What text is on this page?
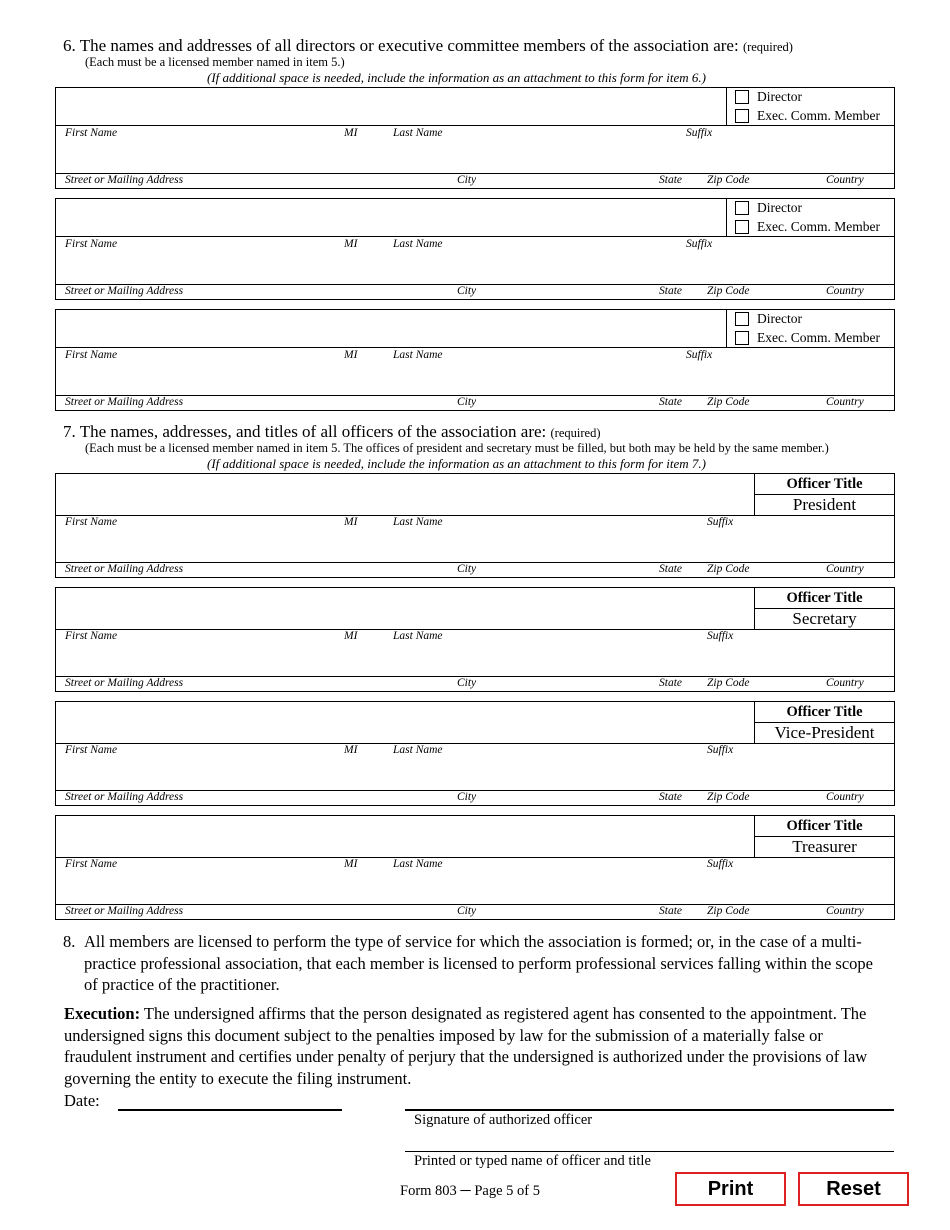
6. The names and addresses of all directors or executive committee members of the association are: (required)
(Each must be a licensed member named in item 5.)
(If additional space is needed, include the information as an attachment to this form for item 6.)
Director
Exec. Comm. Member
First Name	MI	Last Name	Suffix
Street or Mailing Address	City	State Zip Code	Country
Director
Exec. Comm. Member
First Name	MI	Last Name	Suffix
Street or Mailing Address	City	State Zip Code	Country
Director
Exec. Comm. Member
First Name	MI	Last Name	Suffix
Street or Mailing Address	City	State Zip Code	Country
7. The names, addresses, and titles of all officers of the association are: (required)
(Each must be a licensed member named in item 5. The offices of president and secretary must be filled, but both may be held by the same member.)
(If additional space is needed, include the information as an attachment to this form for item 7.)
Officer Title
President
First Name	MI	Last Name	Suffix
Street or Mailing Address	City	State Zip Code	Country
Officer Title
Secretary
First Name	MI	Last Name	Suffix
Street or Mailing Address	City	State Zip Code	Country
Officer Title
Vice-President
First Name	MI	Last Name	Suffix
Street or Mailing Address	City	State Zip Code	Country
Officer Title
Treasurer
First Name	MI	Last Name	Suffix
Street or Mailing Address	City	State Zip Code	Country
8. All members are licensed to perform the type of service for which the association is formed; or, in the case of a multi-practice professional association, that each member is licensed to perform professional services falling within the scope of practice of the practitioner.
Execution: The undersigned affirms that the person designated as registered agent has consented to the appointment. The undersigned signs this document subject to the penalties imposed by law for the submission of a materially false or fraudulent instrument and certifies under penalty of perjury that the undersigned is authorized under the provisions of law governing the entity to execute the filing instrument.
Date:
Signature of authorized officer
Printed or typed name of officer and title
Form 803 ─ Page 5 of 5	Print	Reset
